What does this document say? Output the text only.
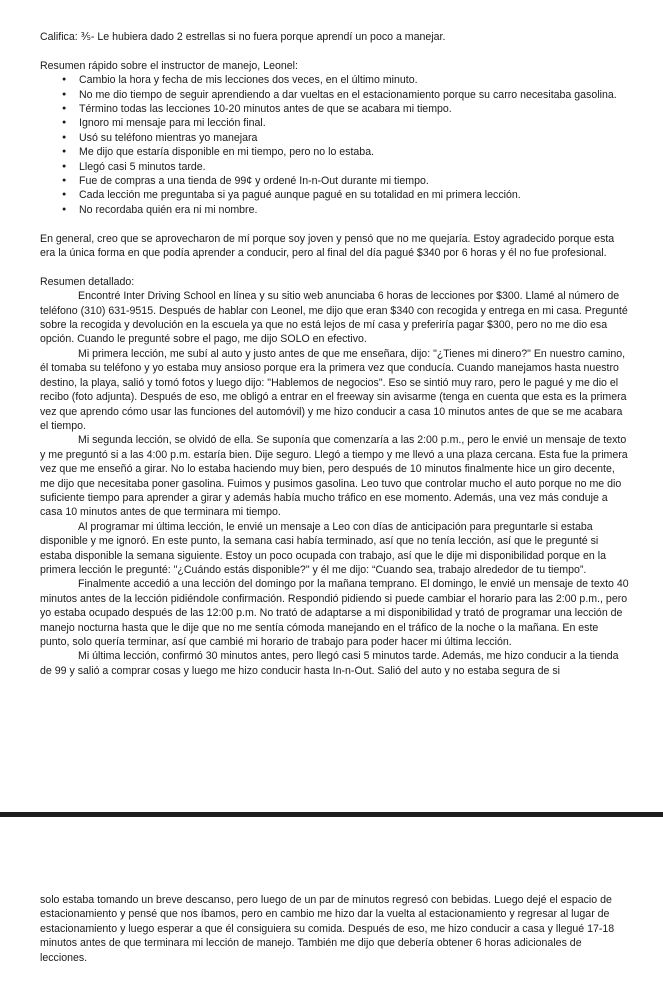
Califica: ⅗- Le hubiera dado 2 estrellas si no fuera porque aprendí un poco a manejar.

Resumen rápido sobre el instructor de manejo, Leonel:

● Cambio la hora y fecha de mis lecciones dos veces, en el último minuto.
● No me dio tiempo de seguir aprendiendo a dar vueltas en el estacionamiento porque su carro necesitaba gasolina.
● Término todas las lecciones 10-20 minutos antes de que se acabara mi tiempo.
● Ignoro mi mensaje para mi lección final.
● Usó su teléfono mientras yo manejara
● Me dijo que estaría disponible en mi tiempo, pero no lo estaba.
● Llegó casi 5 minutos tarde.
● Fue de compras a una tienda de 99¢ y ordené In-n-Out durante mi tiempo.
● Cada lección me preguntaba si ya pagué aunque pagué en su totalidad en mi primera lección.
● No recordaba quién era ni mi nombre.

En general, creo que se aprovecharon de mí porque soy joven y pensó que no me quejaría. Estoy agradecido porque esta era la única forma en que podía aprender a conducir, pero al final del día pagué $340 por 6 horas y él no fue profesional.

Resumen detallado:

Encontré Inter Driving School en línea y su sitio web anunciaba 6 horas de lecciones por $300. Llamé al número de teléfono (310) 631-9515. Después de hablar con Leonel, me dijo que eran $340 con recogida y entrega en mi casa. Pregunté sobre la recogida y devolución en la escuela ya que no está lejos de mí casa y preferiría pagar $300, pero no me dio esa opción. Cuando le pregunté sobre el pago, me dijo SOLO en efectivo.

Mi primera lección, me subí al auto y justo antes de que me enseñara, dijo: "¿Tienes mi dinero?" En nuestro camino, él tomaba su teléfono y yo estaba muy ansioso porque era la primera vez que conducía. Cuando manejamos hasta nuestro destino, la playa, salió y tomó fotos y luego dijo: "Hablemos de negocios". Eso se sintió muy raro, pero le pagué y me dio el recibo (foto adjunta). Después de eso, me obligó a entrar en el freeway sin avisarme (tenga en cuenta que esta es la primera vez que aprendo cómo usar las funciones del automóvil) y me hizo conducir a casa 10 minutos antes de que se me acabara el tiempo.

Mi segunda lección, se olvidó de ella. Se suponía que comenzaría a las 2:00 p.m., pero le envié un mensaje de texto y me preguntó si a las 4:00 p.m. estaría bien. Dije seguro. Llegó a tiempo y me llevó a una plaza cercana. Esta fue la primera vez que me enseñó a girar. No lo estaba haciendo muy bien, pero después de 10 minutos finalmente hice un giro decente, me dijo que necesitaba poner gasolina. Fuimos y pusimos gasolina. Leo tuvo que controlar mucho el auto porque no me dio suficiente tiempo para aprender a girar y además había mucho tráfico en ese momento. Además, una vez más conduje a casa 10 minutos antes de que terminara mi tiempo.

Al programar mi última lección, le envié un mensaje a Leo con días de anticipación para preguntarle si estaba disponible y me ignoró. En este punto, la semana casi había terminado, así que no tenía lección, así que le pregunté si estaba disponible la semana siguiente. Estoy un poco ocupada con trabajo, así que le dije mi disponibilidad porque en la primera lección le pregunté: "¿Cuándo estás disponible?" y él me dijo: “Cuando sea, trabajo alrededor de tu tiempo”.

Finalmente accedió a una lección del domingo por la mañana temprano. El domingo, le envié un mensaje de texto 40 minutos antes de la lección pidiéndole confirmación. Respondió pidiendo si puede cambiar el horario para las 2:00 p.m., pero yo estaba ocupado después de las 12:00 p.m. No trató de adaptarse a mi disponibilidad y trató de programar una lección de manejo nocturna hasta que le dije que no me sentía cómoda manejando en el tráfico de la noche o la mañana. En este punto, solo quería terminar, así que cambié mi horario de trabajo para poder hacer mi última lección.

Mi última lección, confirmó 30 minutos antes, pero llegó casi 5 minutos tarde. Además, me hizo conducir a la tienda de 99 y salió a comprar cosas y luego me hizo conducir hasta In-n-Out. Salió del auto y no estaba segura de si

solo estaba tomando un breve descanso, pero luego de un par de minutos regresó con bebidas. Luego dejé el espacio de estacionamiento y pensé que nos íbamos, pero en cambio me hizo dar la vuelta al estacionamiento y regresar al lugar de estacionamiento y luego esperar a que él consiguiera su comida. Después de eso, me hizo conducir a casa y llegué 17-18 minutos antes de que terminara mi lección de manejo. También me dijo que debería obtener 6 horas adicionales de lecciones.
